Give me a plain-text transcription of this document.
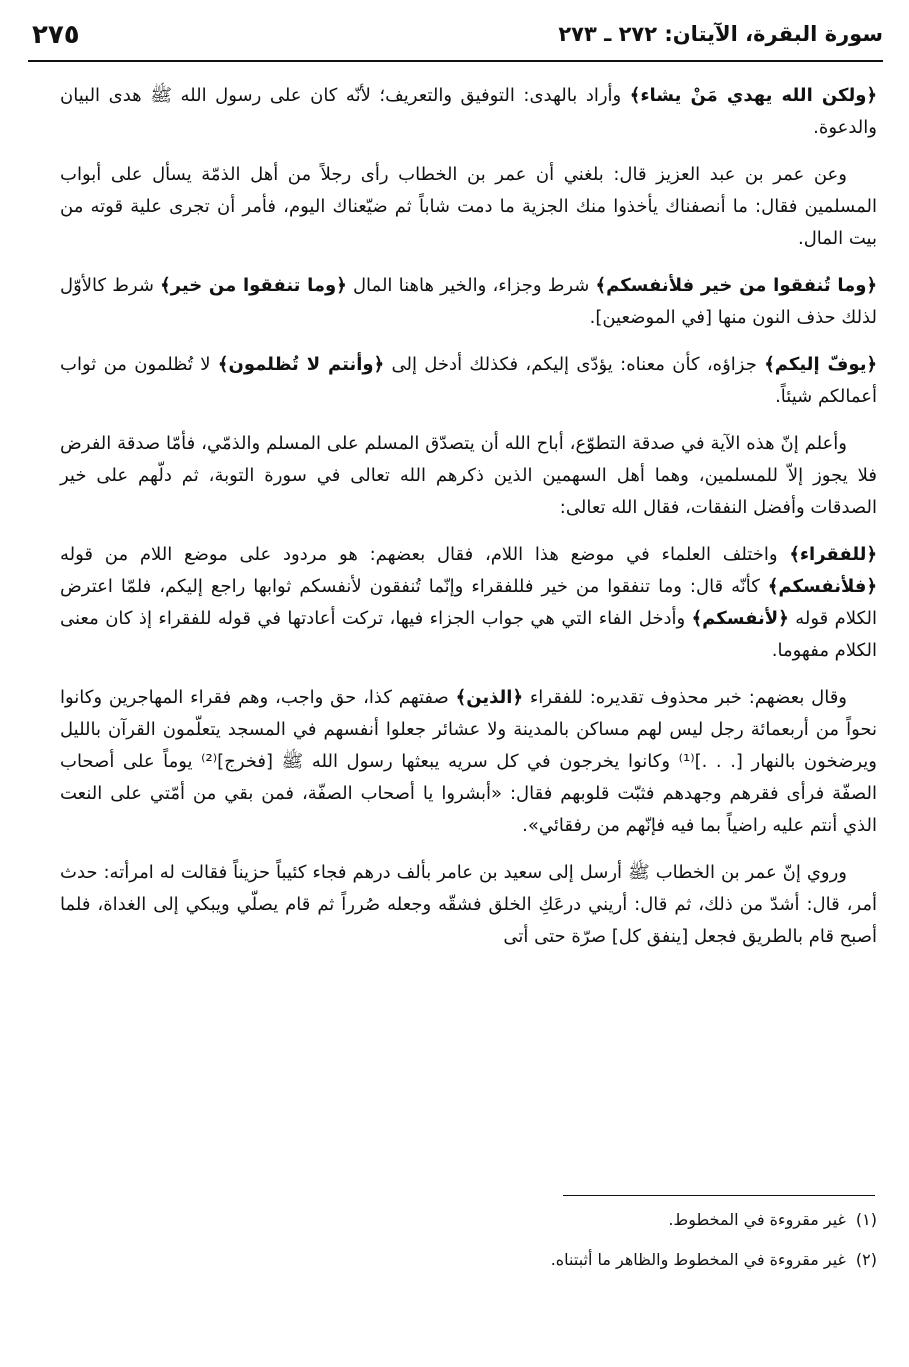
٢٧٥	سورة البقرة، الآيتان: ٢٧٢ ـ ٢٧٣

﴿ولكن الله يهدي مَنْ يشاء﴾ وأراد بالهدى: التوفيق والتعريف؛ لأنّه كان على رسول الله ﷺ هدى البيان والدعوة.

وعن عمر بن عبد العزيز قال: بلغني أن عمر بن الخطاب رأى رجلاً من أهل الذمّة يسأل على أبواب المسلمين فقال: ما أنصفناك يأخذوا منك الجزية ما دمت شاباً ثم ضيّعناك اليوم، فأمر أن تجرى علية قوته من بيت المال.

﴿وما تُنفقوا من خير فلأنفسكم﴾ شرط وجزاء، والخير هاهنا المال ﴿وما تنفقوا من خير﴾ شرط كالأوّل لذلك حذف النون منها [في الموضعين].

﴿يوفّ إليكم﴾ جزاؤه، كأن معناه: يؤدّى إليكم، فكذلك أدخل إلى ﴿وأنتم لا تُظلمون﴾ لا تُظلمون من ثواب أعمالكم شيئاً.

وأعلم إنّ هذه الآية في صدقة التطوّع، أباح الله أن يتصدّق المسلم على المسلم والذمّي، فأمّا صدقة الفرض فلا يجوز إلاّ للمسلمين، وهما أهل السهمين الذين ذكرهم الله تعالى في سورة التوبة، ثم دلّهم على خير الصدقات وأفضل النفقات، فقال الله تعالى:

﴿للفقراء﴾ واختلف العلماء في موضع هذا اللام، فقال بعضهم: هو مردود على موضع اللام من قوله ﴿فلأنفسكم﴾ كأنّه قال: وما تنفقوا من خير فللفقراء وإنّما تُنفقون لأنفسكم ثوابها راجع إليكم، فلمّا اعترض الكلام قوله ﴿لأنفسكم﴾ وأدخل الفاء التي هي جواب الجزاء فيها، تركت أعادتها في قوله للفقراء إذ كان معنى الكلام مفهوما.

وقال بعضهم: خبر محذوف تقديره: للفقراء ﴿الذين﴾ صفتهم كذا، حق واجب، وهم فقراء المهاجرين وكانوا نحواً من أربعمائة رجل ليس لهم مساكن بالمدينة ولا عشائر جعلوا أنفسهم في المسجد يتعلّمون القرآن بالليل ويرضخون بالنهار [. . .]⁽¹⁾ وكانوا يخرجون في كل سريه يبعثها رسول الله ﷺ [فخرج]⁽²⁾ يوماً على أصحاب الصفّة فرأى فقرهم وجهدهم فثبّت قلوبهم فقال: «أبشروا يا أصحاب الصفّة، فمن بقي من أمّتي على النعت الذي أنتم عليه راضياً بما فيه فإنّهم من رفقائي».

وروي إنّ عمر بن الخطاب ﷺ أرسل إلى سعيد بن عامر بألف درهم فجاء كئيباً حزيناً فقالت له امرأته: حدث أمر، قال: أشدّ من ذلك، ثم قال: أريني درعَكِ الخلق فشقّه وجعله صُرراً ثم قام يصلّي ويبكي إلى الغداة، فلما أصبح قام بالطريق فجعل [ينفق كل] صرّة حتى أتى

(١)غير مقروءة في المخطوط.

(٢)غير مقروءة في المخطوط والظاهر ما أثبتناه.
